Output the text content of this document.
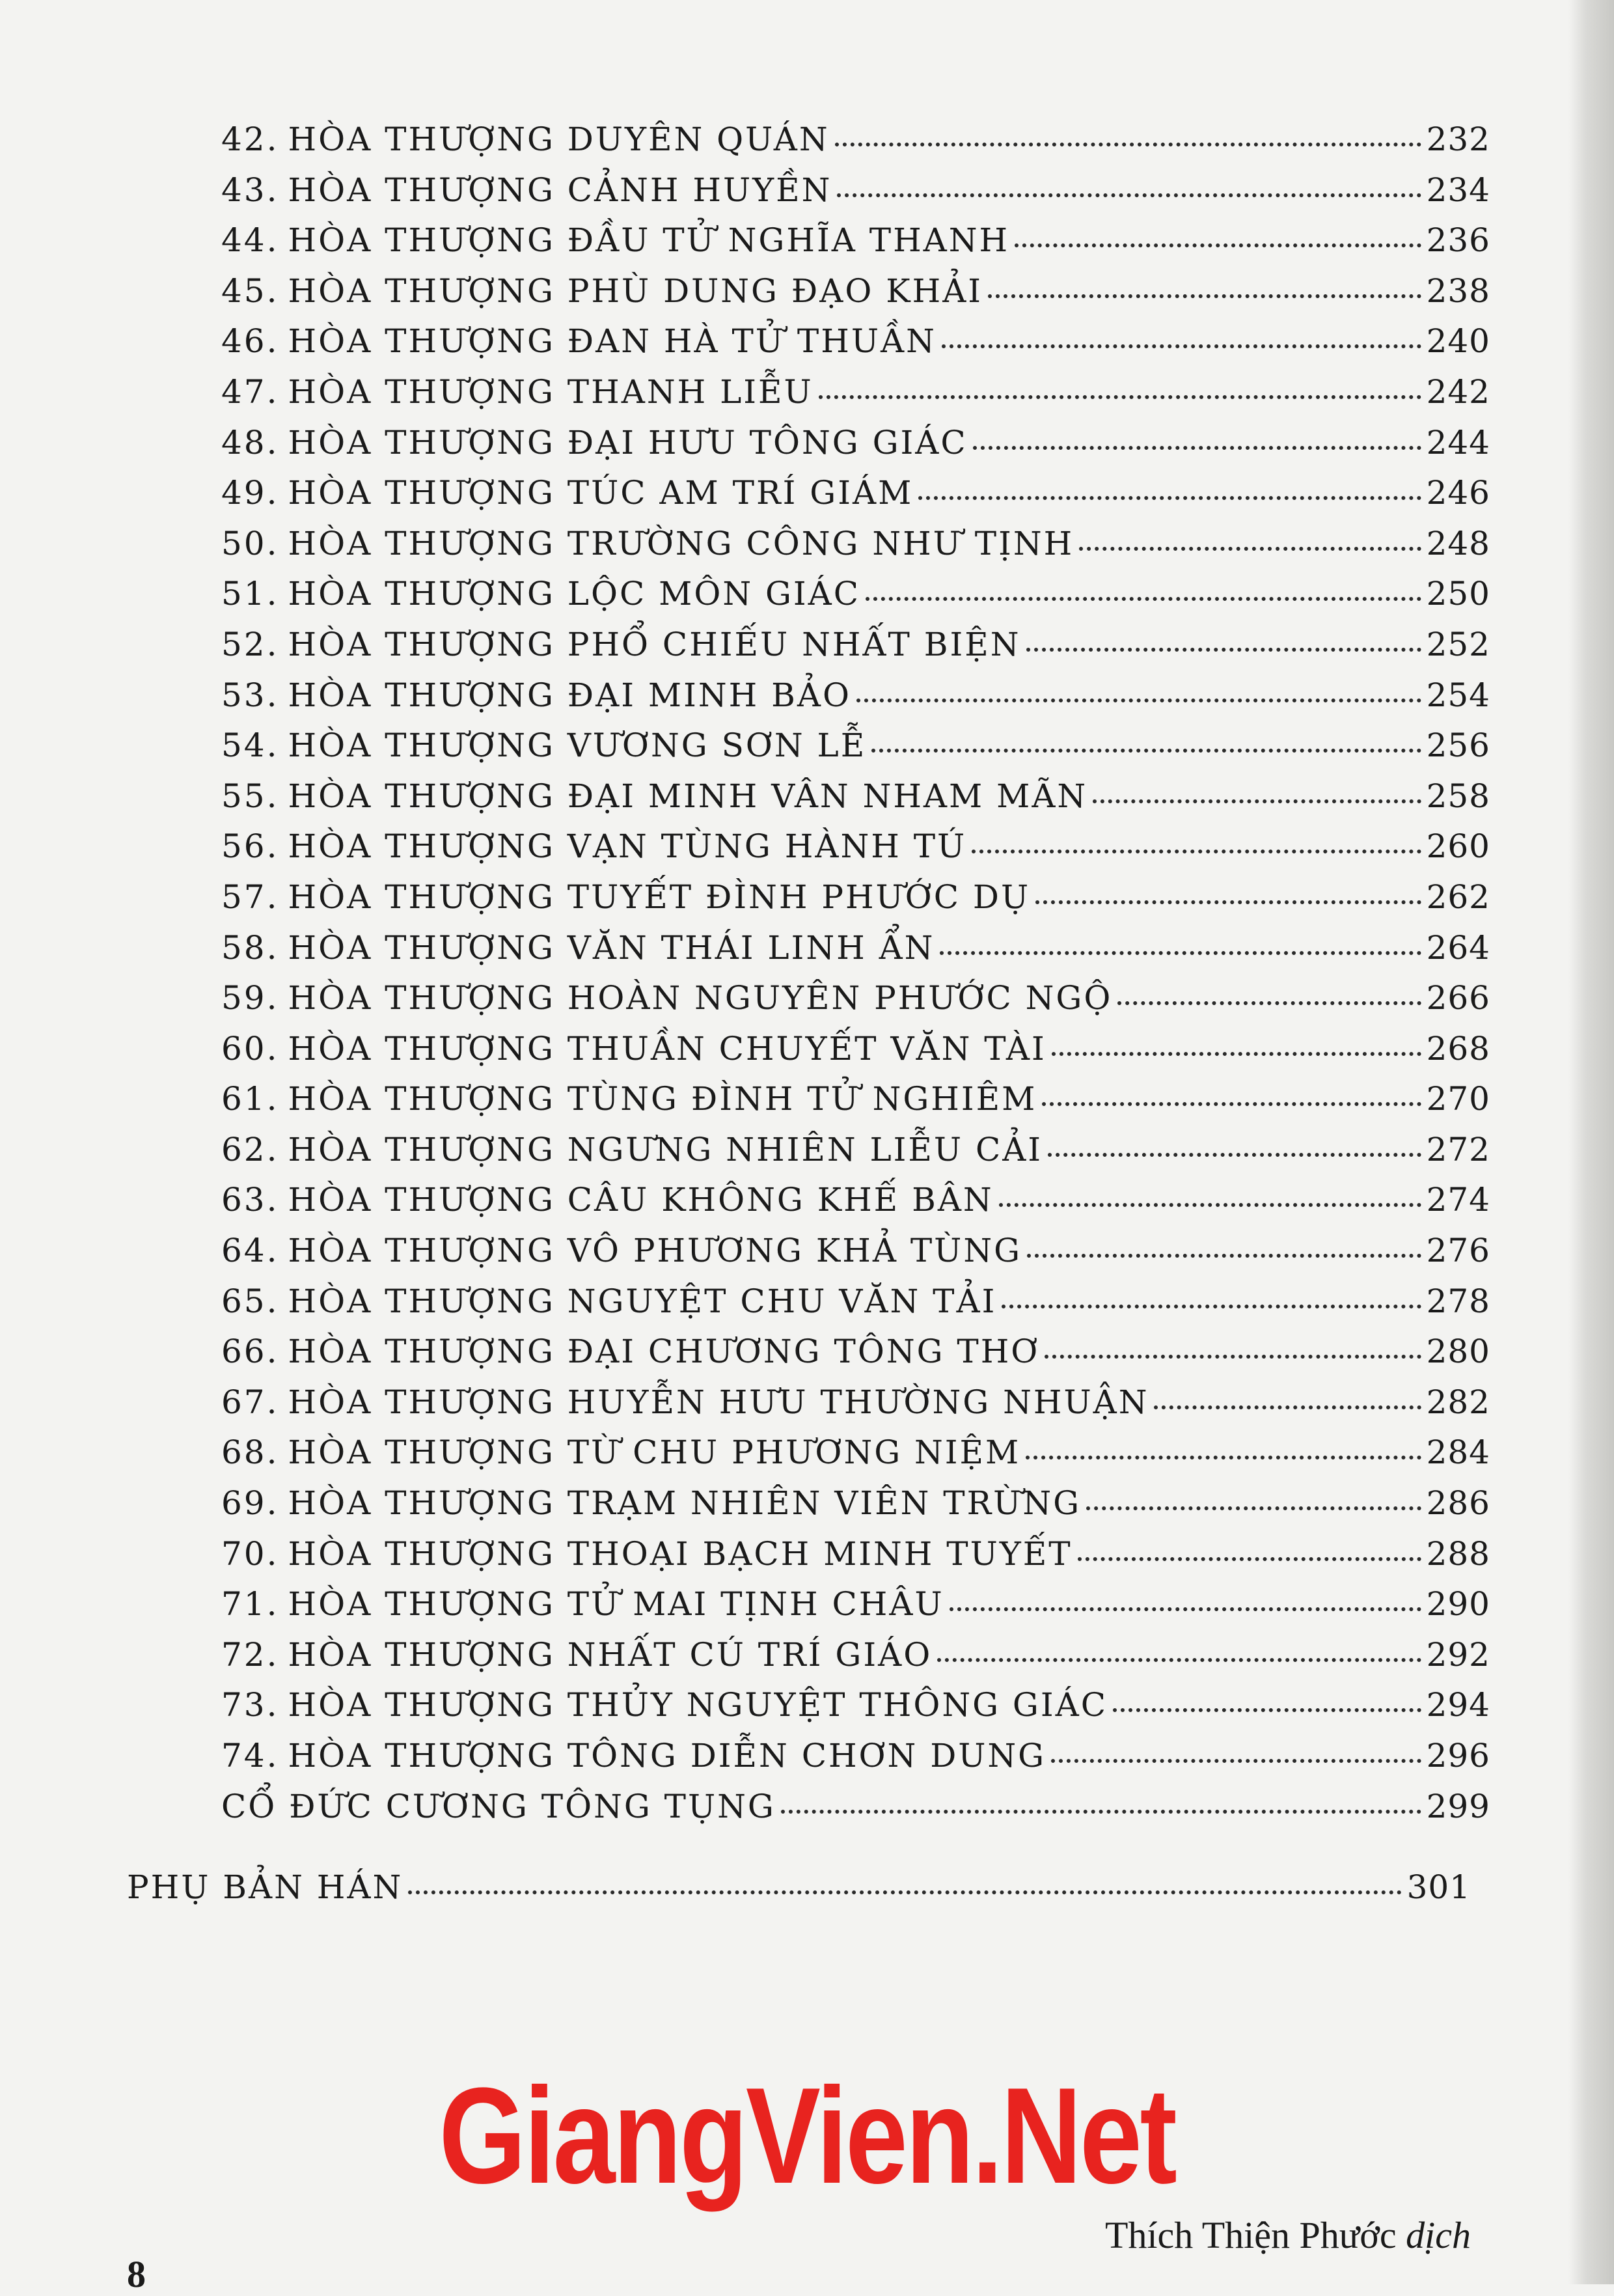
42. HÒA THƯỢNG DUYÊN QUÁN	232
43. HÒA THƯỢNG CẢNH HUYỀN	234
44. HÒA THƯỢNG ĐẦU TỬ NGHĨA THANH	236
45. HÒA THƯỢNG PHÙ DUNG ĐẠO KHẢI	238
46. HÒA THƯỢNG ĐAN HÀ TỬ THUẦN	240
47. HÒA THƯỢNG THANH LIỄU	242
48. HÒA THƯỢNG ĐẠI HƯU TÔNG GIÁC	244
49. HÒA THƯỢNG TÚC AM TRÍ GIÁM	246
50. HÒA THƯỢNG TRƯỜNG CÔNG NHƯ TỊNH	248
51. HÒA THƯỢNG LỘC MÔN GIÁC	250
52. HÒA THƯỢNG PHỔ CHIẾU NHẤT BIỆN	252
53. HÒA THƯỢNG ĐẠI MINH BẢO	254
54. HÒA THƯỢNG VƯƠNG SƠN LỄ	256
55. HÒA THƯỢNG ĐẠI MINH VÂN NHAM MÃN	258
56. HÒA THƯỢNG VẠN TÙNG HÀNH TÚ	260
57. HÒA THƯỢNG TUYẾT ĐÌNH PHƯỚC DỤ	262
58. HÒA THƯỢNG VĂN THÁI LINH ẨN	264
59. HÒA THƯỢNG HOÀN NGUYÊN PHƯỚC NGỘ	266
60. HÒA THƯỢNG THUẦN CHUYẾT VĂN TÀI	268
61. HÒA THƯỢNG TÙNG ĐÌNH TỬ NGHIÊM	270
62. HÒA THƯỢNG NGƯNG NHIÊN LIỄU CẢI	272
63. HÒA THƯỢNG CÂU KHÔNG KHẾ BÂN	274
64. HÒA THƯỢNG VÔ PHƯƠNG KHẢ TÙNG	276
65. HÒA THƯỢNG NGUYỆT CHU VĂN TẢI	278
66. HÒA THƯỢNG ĐẠI CHƯƠNG TÔNG THƠ	280
67. HÒA THƯỢNG HUYỄN HƯU THƯỜNG NHUẬN	282
68. HÒA THƯỢNG TỪ CHU PHƯƠNG NIỆM	284
69. HÒA THƯỢNG TRẠM NHIÊN VIÊN TRỪNG	286
70. HÒA THƯỢNG THOẠI BẠCH MINH TUYẾT	288
71. HÒA THƯỢNG TỬ MAI TỊNH CHÂU	290
72. HÒA THƯỢNG NHẤT CÚ TRÍ GIÁO	292
73. HÒA THƯỢNG THỦY NGUYỆT THÔNG GIÁC	294
74. HÒA THƯỢNG TÔNG DIỄN CHƠN DUNG	296
CỔ ĐỨC CƯƠNG TÔNG TỤNG	299
PHỤ BẢN HÁN	301
GiangVien.Net
Thích Thiện Phước dịch
8
